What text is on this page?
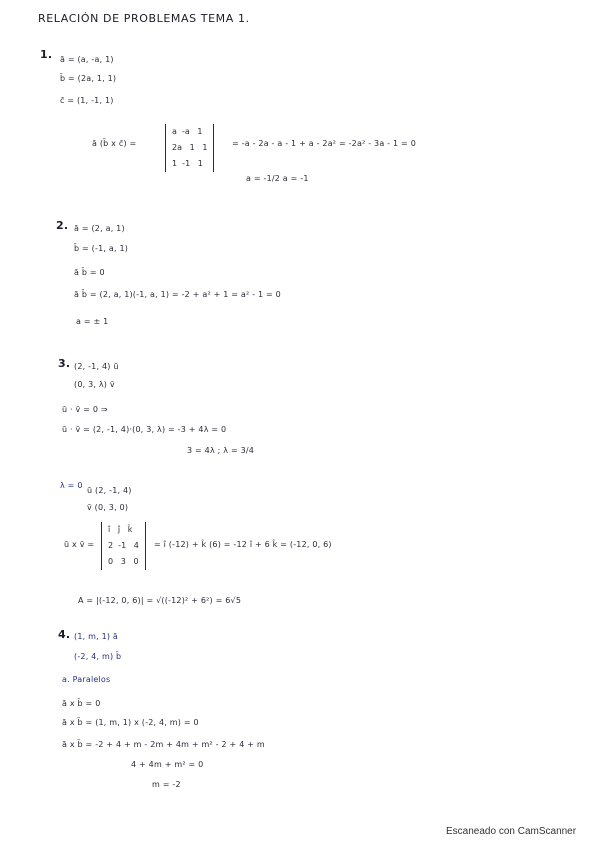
RELACIÓN DE PROBLEMAS TEMA 1.
1. ā = (a, -a, 1)
b̄ = (2a, 1, 1)
c̄ = (1, -1, 1)
ā (b̄ x c̄) =
a  -a   1
2a   1   1
1  -1   1
= -a - 2a - a - 1 + a - 2a² = -2a² - 3a - 1 = 0
a = -1/2 a = -1
2. ā = (2, a, 1)
b̄ = (-1, a, 1)
ā b̄ = 0
ā b̄ = (2, a, 1)(-1, a, 1) = -2 + a² + 1 = a² - 1 = 0
a = ± 1
3. (2, -1, 4) ū
(0, 3, λ) v̄
ū · v̄ = 0 ⇒
ū · v̄ = (2, -1, 4)·(0, 3, λ) = -3 + 4λ = 0
3 = 4λ ; λ = 3/4
λ = 0
ū (2, -1, 4)
v̄ (0, 3, 0)
ū x v̄ =
î   ĵ   k̂
2  -1   4
0   3   0
= î (-12) + k̂ (6) = -12 î + 6 k̂ = (-12, 0, 6)
A = |(-12, 0, 6)| = √((-12)² + 6²) = 6√5
4. (1, m, 1) ā
(-2, 4, m) b̄
a. Paralelos
ā x b̄ = 0
ā x b̄ = (1, m, 1) x (-2, 4, m) = 0
ā x b̄ = -2 + 4 + m - 2m + 4m + m² - 2 + 4 + m
4 + 4m + m² = 0
m = -2
Escaneado con CamScanner
